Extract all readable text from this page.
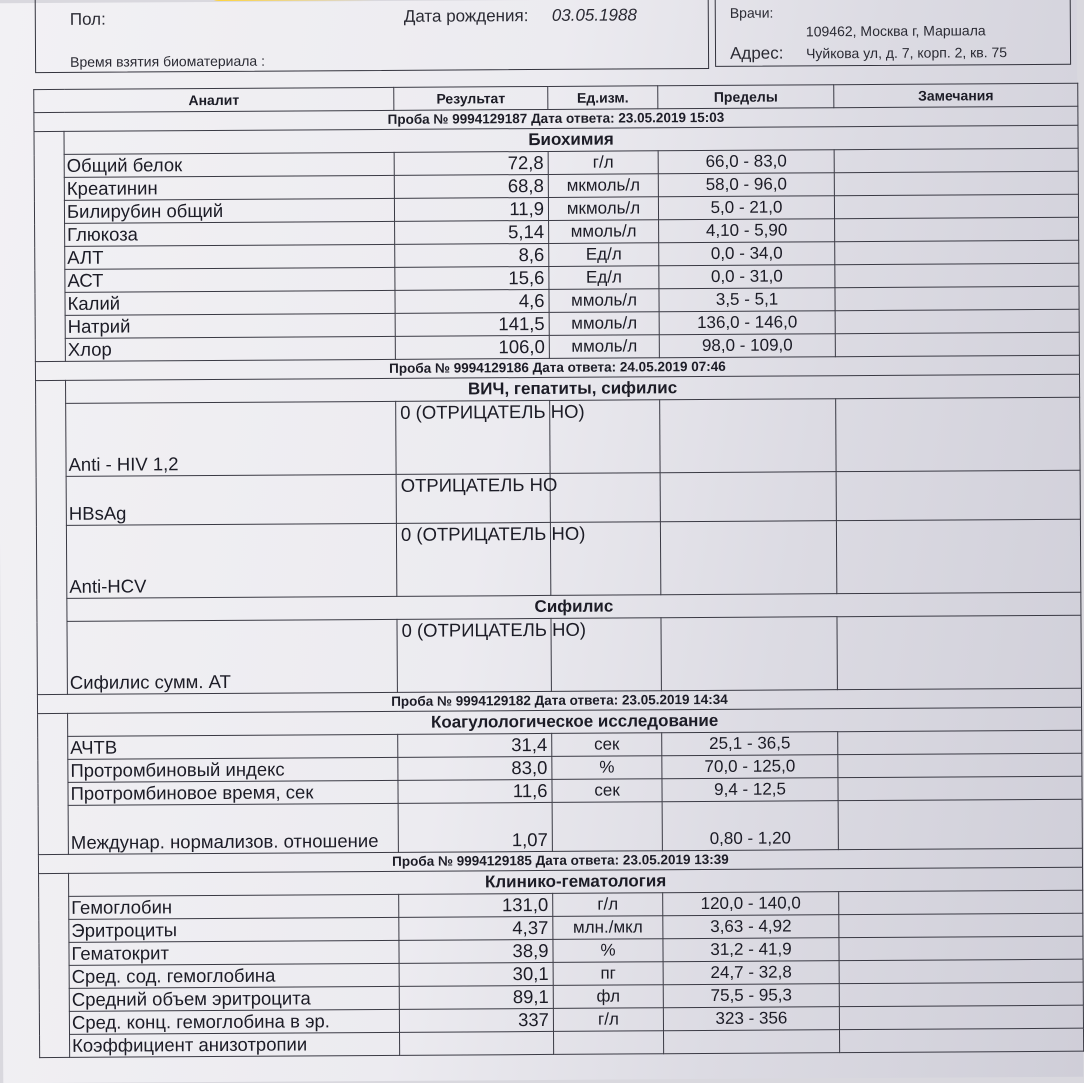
Пол:
Время взятия биоматериала :
Дата рождения: 03.05.1988	Врачи:
109462, Москва г, Маршала
Адрес: Чуйкова ул, д. 7, корп. 2, кв. 75
Аналит		Результат	Ед.изм.	Пределы	Замечания
Проба № 9994129187 Дата ответа: 23.05.2019 15:03					
	Биохимия				
	Общий белок	72,8	г/л	66,0 - 83,0	
	Креатинин	68,8	мкмоль/л	58,0 - 96,0	
	Билирубин общий	11,9	мкмоль/л	5,0 - 21,0	
	Глюкоза	5,14	ммоль/л	4,10 - 5,90	
	АЛТ	8,6	Ед/л	0,0 - 34,0	
	АСТ	15,6	Ед/л	0,0 - 31,0	
	Калий	4,6	ммоль/л	3,5 - 5,1	
	Натрий	141,5	ммоль/л	136,0 - 146,0	
	Хлор	106,0	ммоль/л	98,0 - 109,0	
Проба № 9994129186 Дата ответа: 24.05.2019 07:46					
	ВИЧ, гепатиты, сифилис				
	Anti - HIV 1,2	0 (ОТРИЦАТЕЛЬ НО)			
	HBsAg	ОТРИЦАТЕЛЬ НО			
	Anti-HCV	0 (ОТРИЦАТЕЛЬ НО)			
	Сифилис				
	Сифилис сумм. АТ	0 (ОТРИЦАТЕЛЬ НО)			
Проба № 9994129182 Дата ответа: 23.05.2019 14:34					
	Коагулологическое исследование				
	АЧТВ	31,4	сек	25,1 - 36,5	
	Протромбиновый индекс	83,0	%	70,0 - 125,0	
	Протромбиновое время, сек	11,6	сек	9,4 - 12,5	
	Междунар. нормализов. отношение	1,07		0,80 - 1,20	
Проба № 9994129185 Дата ответа: 23.05.2019 13:39					
	Клинико-гематология				
	Гемоглобин	131,0	г/л	120,0 - 140,0	
	Эритроциты	4,37	млн./мкл	3,63 - 4,92	
	Гематокрит	38,9	%	31,2 - 41,9	
	Сред. сод. гемоглобина	30,1	пг	24,7 - 32,8	
	Средний объем эритроцита	89,1	фл	75,5 - 95,3	
	Сред. конц. гемоглобина в эр.	337	г/л	323 - 356	
	Коэффициент анизотропии				
